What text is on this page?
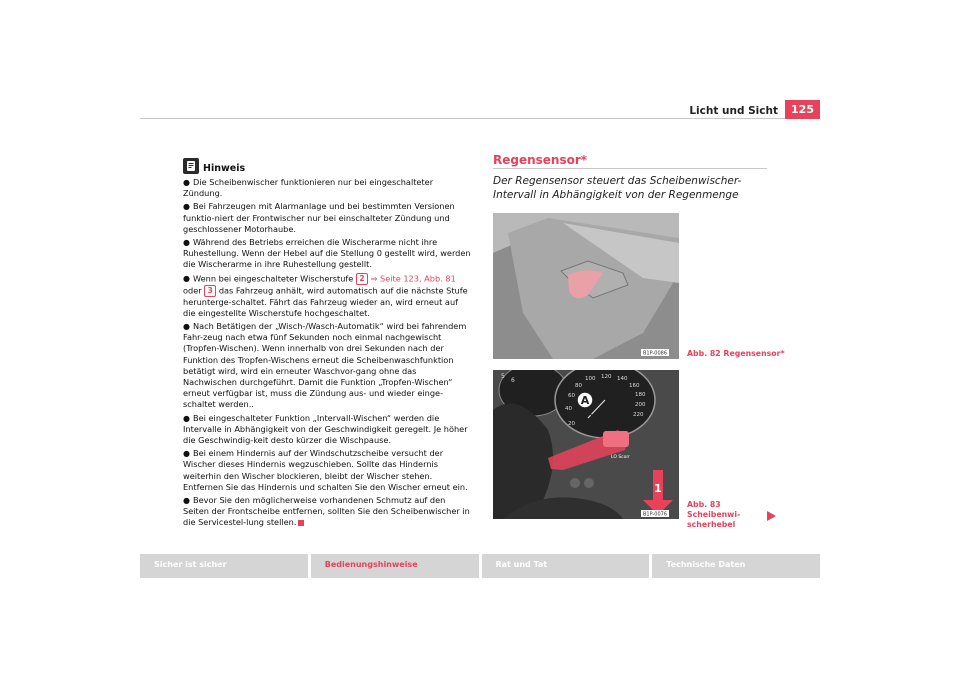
Licht und Sicht	125
Hinweis
● Die Scheibenwischer funktionieren nur bei eingeschalteter Zündung.
● Bei Fahrzeugen mit Alarmanlage und bei bestimmten Versionen funktio-niert der Frontwischer nur bei einschalteter Zündung und geschlossener Motorhaube.
● Während des Betriebs erreichen die Wischerarme nicht ihre Ruhestellung. Wenn der Hebel auf die Stellung 0 gestellt wird, werden die Wischerarme in ihre Ruhestellung gestellt.
● Wenn bei eingeschalteter Wischerstufe 2 ⇒ Seite 123, Abb. 81 oder 3 das Fahrzeug anhält, wird automatisch auf die nächste Stufe herunterge-schaltet. Fährt das Fahrzeug wieder an, wird erneut auf die eingestellte Wischerstufe hochgeschaltet.
● Nach Betätigen der „Wisch-/Wasch-Automatik“ wird bei fahrendem Fahr-zeug nach etwa fünf Sekunden noch einmal nachgewischt (Tropfen-Wischen). Wenn innerhalb von drei Sekunden nach der Funktion des Tropfen-Wischens erneut die Scheibenwaschfunktion betätigt wird, wird ein erneuter Waschvor-gang ohne das Nachwischen durchgeführt. Damit die Funktion „Tropfen-Wischen“ erneut verfügbar ist, muss die Zündung aus- und wieder einge-schaltet werden..
● Bei eingeschalteter Funktion „Intervall-Wischen“ werden die Intervalle in Abhängigkeit von der Geschwindigkeit geregelt. Je höher die Geschwindig-keit desto kürzer die Wischpause.
● Bei einem Hindernis auf der Windschutzscheibe versucht der Wischer dieses Hindernis wegzuschieben. Sollte das Hindernis weiterhin den Wischer blockieren, bleibt der Wischer stehen. Entfernen Sie das Hindernis und schalten Sie den Wischer erneut ein.
● Bevor Sie den möglicherweise vorhandenen Schmutz auf den Seiten der Frontscheibe entfernen, sollten Sie den Scheibenwischer in die Servicestel-lung stellen.
Regensensor*
Der Regensensor steuert das Scheibenwischer-Intervall in Abhängigkeit von der Regenmenge
B1P-0086	Abb. 82 Regensensor*
5
6
20
40
60
80
100 120 140
160
180
200
220
LO Scorr
A
1
B1P-0076
Abb. 83 Scheibenwi-scherhebel
Sicher ist sicher	Bedienungshinweise	Rat und Tat	Technische Daten
